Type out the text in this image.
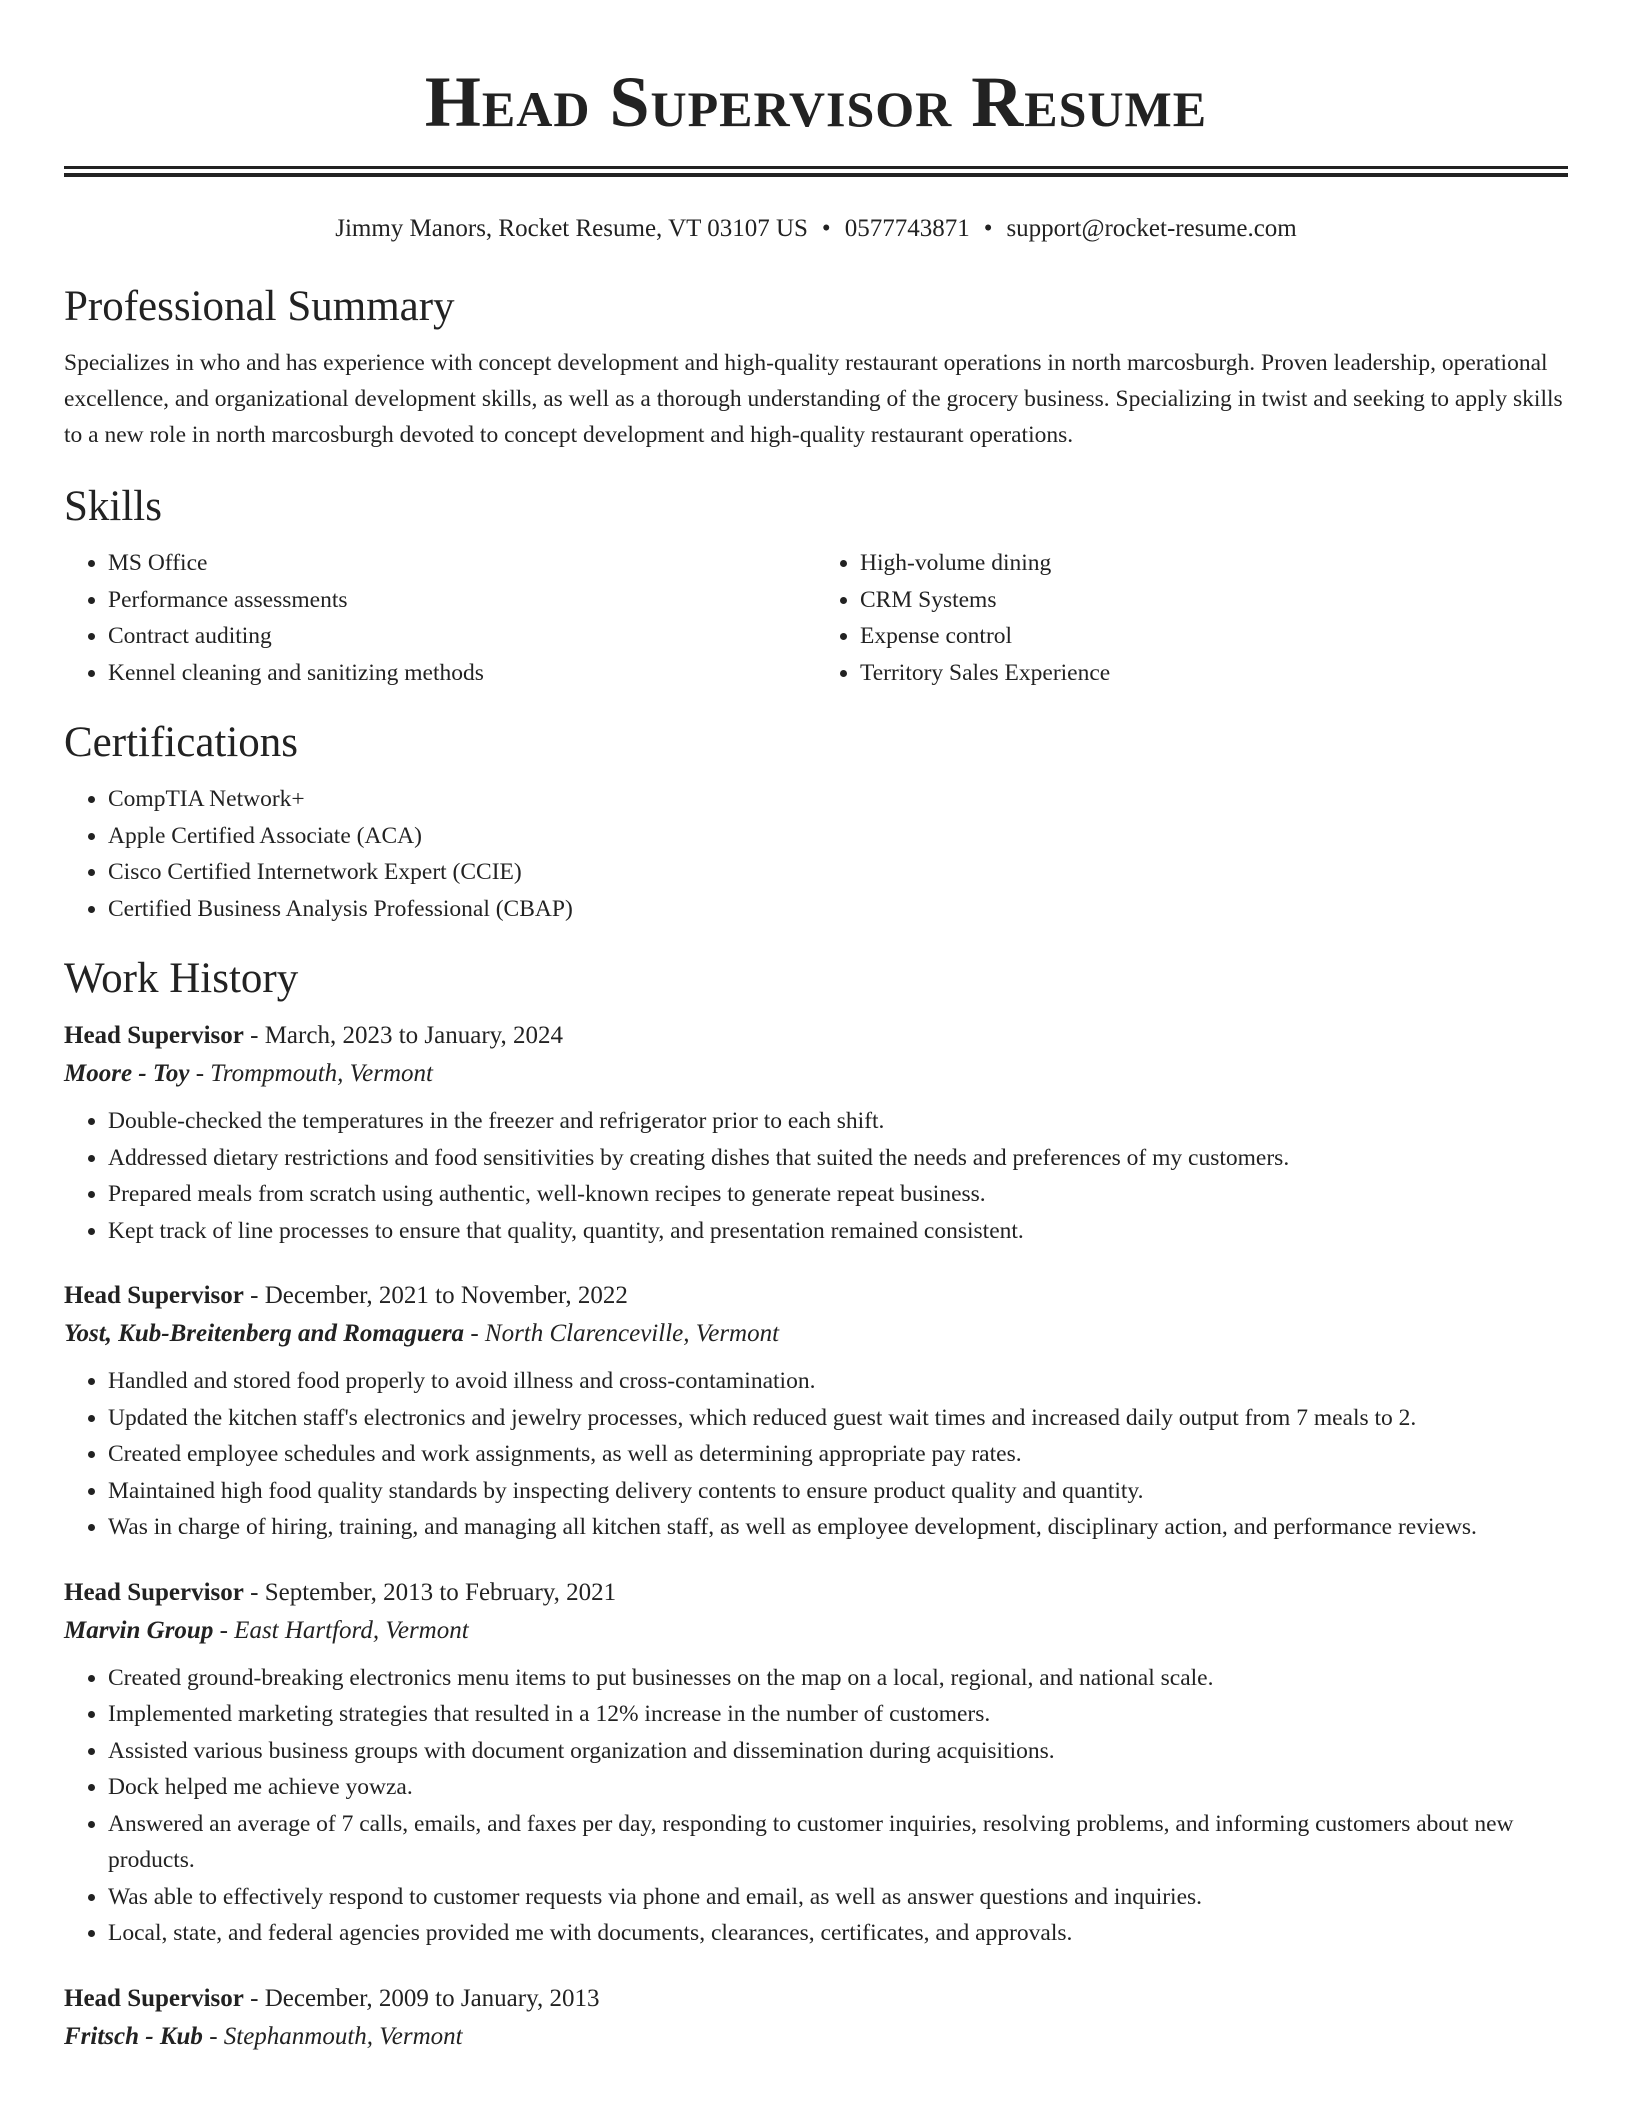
Head Supervisor Resume
Jimmy Manors, Rocket Resume, VT 03107 US • 0577743871 • support@rocket-resume.com
Professional Summary

Specializes in who and has experience with concept development and high-quality restaurant operations in north marcosburgh. Proven leadership, operational excellence, and organizational development skills, as well as a thorough understanding of the grocery business. Specializing in twist and seeking to apply skills to a new role in north marcosburgh devoted to concept development and high-quality restaurant operations.

Skills
• MS Office
• Performance assessments
• Contract auditing
• Kennel cleaning and sanitizing methods
• High-volume dining
• CRM Systems
• Expense control
• Territory Sales Experience
Certifications
• CompTIA Network+
• Apple Certified Associate (ACA)
• Cisco Certified Internetwork Expert (CCIE)
• Certified Business Analysis Professional (CBAP)
Work History
Head Supervisor - March, 2023 to January, 2024
Moore - Toy - Trompmouth, Vermont
• Double-checked the temperatures in the freezer and refrigerator prior to each shift.
• Addressed dietary restrictions and food sensitivities by creating dishes that suited the needs and preferences of my customers.
• Prepared meals from scratch using authentic, well-known recipes to generate repeat business.
• Kept track of line processes to ensure that quality, quantity, and presentation remained consistent.
Head Supervisor - December, 2021 to November, 2022
Yost, Kub-Breitenberg and Romaguera - North Clarenceville, Vermont
• Handled and stored food properly to avoid illness and cross-contamination.
• Updated the kitchen staff's electronics and jewelry processes, which reduced guest wait times and increased daily output from 7 meals to 2.
• Created employee schedules and work assignments, as well as determining appropriate pay rates.
• Maintained high food quality standards by inspecting delivery contents to ensure product quality and quantity.
• Was in charge of hiring, training, and managing all kitchen staff, as well as employee development, disciplinary action, and performance reviews.
Head Supervisor - September, 2013 to February, 2021
Marvin Group - East Hartford, Vermont
• Created ground-breaking electronics menu items to put businesses on the map on a local, regional, and national scale.
• Implemented marketing strategies that resulted in a 12% increase in the number of customers.
• Assisted various business groups with document organization and dissemination during acquisitions.
• Dock helped me achieve yowza.
• Answered an average of 7 calls, emails, and faxes per day, responding to customer inquiries, resolving problems, and informing customers about new products.
• Was able to effectively respond to customer requests via phone and email, as well as answer questions and inquiries.
• Local, state, and federal agencies provided me with documents, clearances, certificates, and approvals.
Head Supervisor - December, 2009 to January, 2013
Fritsch - Kub - Stephanmouth, Vermont
